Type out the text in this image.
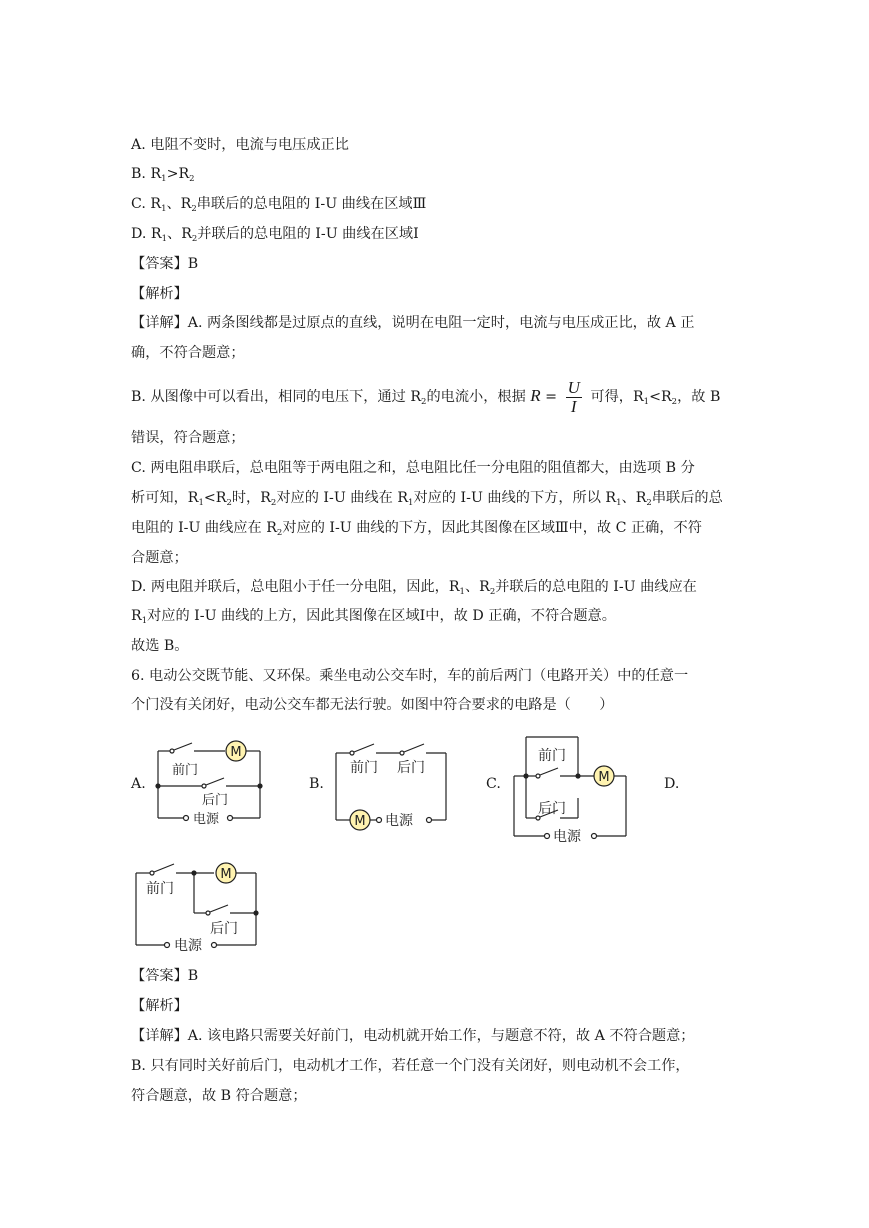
A. 电阻不变时，电流与电压成正比
B. $R_1>R_2$
C. $R_1$、$R_2$串联后的总电阻的 I-U 曲线在区域Ⅲ
D. $R_1$、$R_2$并联后的总电阻的 I-U 曲线在区域Ⅰ
【答案】B
【解析】
【详解】A. 两条图线都是过原点的直线，说明在电阻一定时，电流与电压成正比，故 A 正
确，不符合题意；
B. 从图像中可以看出，相同的电压下，通过 $R_2$的电流小，根据 $R = \frac{U}{I}$ 可得，$R_1<R_2$，故 B
错误，符合题意；
C. 两电阻串联后，总电阻等于两电阻之和，总电阻比任一分电阻的阻值都大，由选项 B 分
析可知，$R_1<R_2$时，$R_2$对应的 I-U 曲线在 $R_1$对应的 I-U 曲线的下方，所以 $R_1$、$R_2$串联后的总
电阻的 I-U 曲线应在 $R_2$对应的 I-U 曲线的下方，因此其图像在区域Ⅲ中，故 C 正确，不符
合题意；
D. 两电阻并联后，总电阻小于任一分电阻，因此，$R_1$、$R_2$并联后的总电阻的 I-U 曲线应在
$R_1$对应的 I-U 曲线的上方，因此其图像在区域Ⅰ中，故 D 正确，不符合题意。
故选 B。
6. 电动公交既节能、又环保。乘坐电动公交车时，车的前后两门（电路开关）中的任意一
个门没有关闭好，电动公交车都无法行驶。如图中符合要求的电路是（　　）
A.	B.	C.	D.
M
前门
后门
电源
前门 后门
M 电源
前门
M
后门
电源
前门
M
后门
电源
【答案】B
【解析】
【详解】A. 该电路只需要关好前门，电动机就开始工作，与题意不符，故 A 不符合题意；
B. 只有同时关好前后门，电动机才工作，若任意一个门没有关闭好，则电动机不会工作，
符合题意，故 B 符合题意；
